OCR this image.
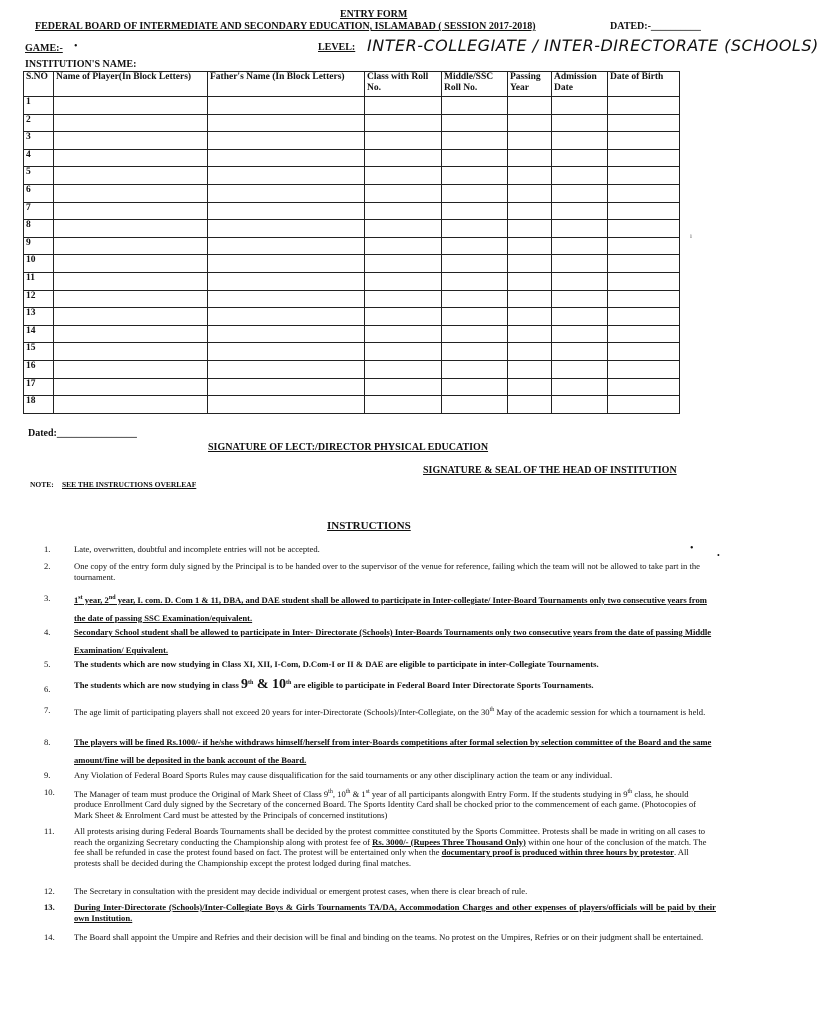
ENTRY FORM
FEDERAL BOARD OF INTERMEDIATE AND SECONDARY EDUCATION, ISLAMABAD ( SESSION 2017-2018)	DATED:-__________
GAME:- •	LEVEL: INTER-COLLEGIATE / INTER-DIRECTORATE (SCHOOLS)
INSTITUTION'S NAME:
S.NO	Name of Player(In Block Letters)	Father's Name (In Block Letters)	Class with Roll No.	Middle/SSC Roll No.	Passing Year	Admission Date	Date of Birth
1							
2							
3							
4							
5							
6							
7							
8							
9							
10							
11							
12							
13							
14							
15							
16							
17							
18							
Dated:________________
SIGNATURE OF LECT:/DIRECTOR PHYSICAL EDUCATION
SIGNATURE & SEAL OF THE HEAD OF INSTITUTION
NOTE: SEE THE INSTRUCTIONS OVERLEAF
INSTRUCTIONS
1.	Late, overwritten, doubtful and incomplete entries will not be accepted.	•
•
2.	One copy of the entry form duly signed by the Principal is to be handed over to the supervisor of the venue for reference, failing which the team will not be allowed to take part in the tournament.
3.	1st year, 2nd year, I. com. D. Com 1 & 11, DBA, and DAE student shall be allowed to participate in Inter-collegiate/ Inter-Board Tournaments only two consecutive years from the date of passing SSC Examination/equivalent.
4.	Secondary School student shall be allowed to participate in Inter- Directorate (Schools) Inter-Boards Tournaments only two consecutive years from the date of passing Middle Examination/ Equivalent.
5.	The students which are now studying in Class XI, XII, I-Com, D.Com-I or II & DAE are eligible to participate in inter-Collegiate Tournaments.
6.	The students which are now studying in class 9th & 10th are eligible to participate in Federal Board Inter Directorate Sports Tournaments.
7.	The age limit of participating players shall not exceed 20 years for inter-Directorate (Schools)/Inter-Collegiate, on the 30th May of the academic session for which a tournament is held.
8.	The players will be fined Rs.1000/- if he/she withdraws himself/herself from inter-Boards competitions after formal selection by selection committee of the Board and the same amount/fine will be deposited in the bank account of the Board.
9.	Any Violation of Federal Board Sports Rules may cause disqualification for the said tournaments or any other disciplinary action the team or any individual.
10.	The Manager of team must produce the Original of Mark Sheet of Class 9th, 10th & 1st year of all participants alongwith Entry Form. If the students studying in 9th class, he should produce Enrollment Card duly signed by the Secretary of the concerned Board. The Sports Identity Card shall be chocked prior to the commencement of each game. (Photocopies of Mark Sheet & Enrolment Card must be attested by the Principals of concerned institutions)
11.	All protests arising during Federal Boards Tournaments shall be decided by the protest committee constituted by the Sports Committee. Protests shall be made in writing on all cases to reach the organizing Secretary conducting the Championship along with protest fee of Rs. 3000/- (Rupees Three Thousand Only) within one hour of the conclusion of the match. The fee shall be refunded in case the protest found based on fact. The protest will be entertained only when the documentary proof is produced within three hours by protestor. All protests shall be decided during the Championship except the protest lodged during final matches.
12.	The Secretary in consultation with the president may decide individual or emergent protest cases, when there is clear breach of rule.
13.	During Inter-Directorate (Schools)/Inter-Collegiate Boys & Girls Tournaments TA/DA, Accommodation Charges and other expenses of players/officials will be paid by their own Institution.
14.	The Board shall appoint the Umpire and Refries and their decision will be final and binding on the teams. No protest on the Umpires, Refries or on their judgment shall be entertained.
ı
